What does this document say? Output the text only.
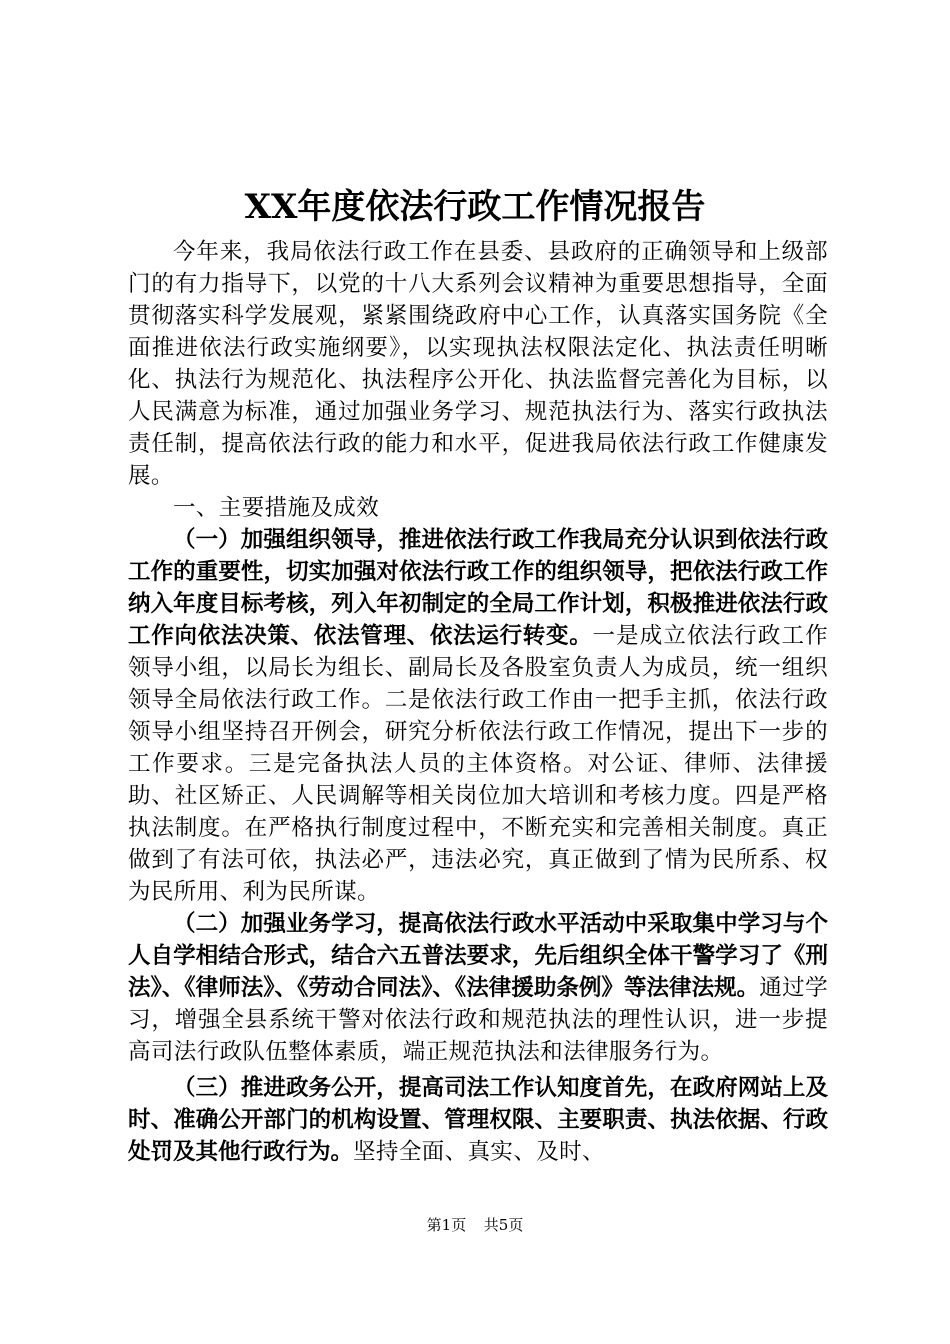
XX年度依法行政工作情况报告

今年来，我局依法行政工作在县委、县政府的正确领导和上级部门的有力指导下，以党的十八大系列会议精神为重要思想指导，全面贯彻落实科学发展观，紧紧围绕政府中心工作，认真落实国务院《全面推进依法行政实施纲要》，以实现执法权限法定化、执法责任明晰化、执法行为规范化、执法程序公开化、执法监督完善化为目标，以人民满意为标准，通过加强业务学习、规范执法行为、落实行政执法责任制，提高依法行政的能力和水平，促进我局依法行政工作健康发展。

一、主要措施及成效

（一）加强组织领导，推进依法行政工作我局充分认识到依法行政工作的重要性，切实加强对依法行政工作的组织领导，把依法行政工作纳入年度目标考核，列入年初制定的全局工作计划，积极推进依法行政工作向依法决策、依法管理、依法运行转变。一是成立依法行政工作领导小组，以局长为组长、副局长及各股室负责人为成员，统一组织领导全局依法行政工作。二是依法行政工作由一把手主抓，依法行政领导小组坚持召开例会，研究分析依法行政工作情况，提出下一步的工作要求。三是完备执法人员的主体资格。对公证、律师、法律援助、社区矫正、人民调解等相关岗位加大培训和考核力度。四是严格执法制度。在严格执行制度过程中，不断充实和完善相关制度。真正做到了有法可依，执法必严，违法必究，真正做到了情为民所系、权为民所用、利为民所谋。

（二）加强业务学习，提高依法行政水平活动中采取集中学习与个人自学相结合形式，结合六五普法要求，先后组织全体干警学习了《刑法》、《律师法》、《劳动合同法》、《法律援助条例》等法律法规。通过学习，增强全县系统干警对依法行政和规范执法的理性认识，进一步提高司法行政队伍整体素质，端正规范执法和法律服务行为。

（三）推进政务公开，提高司法工作认知度首先，在政府网站上及时、准确公开部门的机构设置、管理权限、主要职责、执法依据、行政处罚及其他行政行为。坚持全面、真实、及时、

第1页 共5页
